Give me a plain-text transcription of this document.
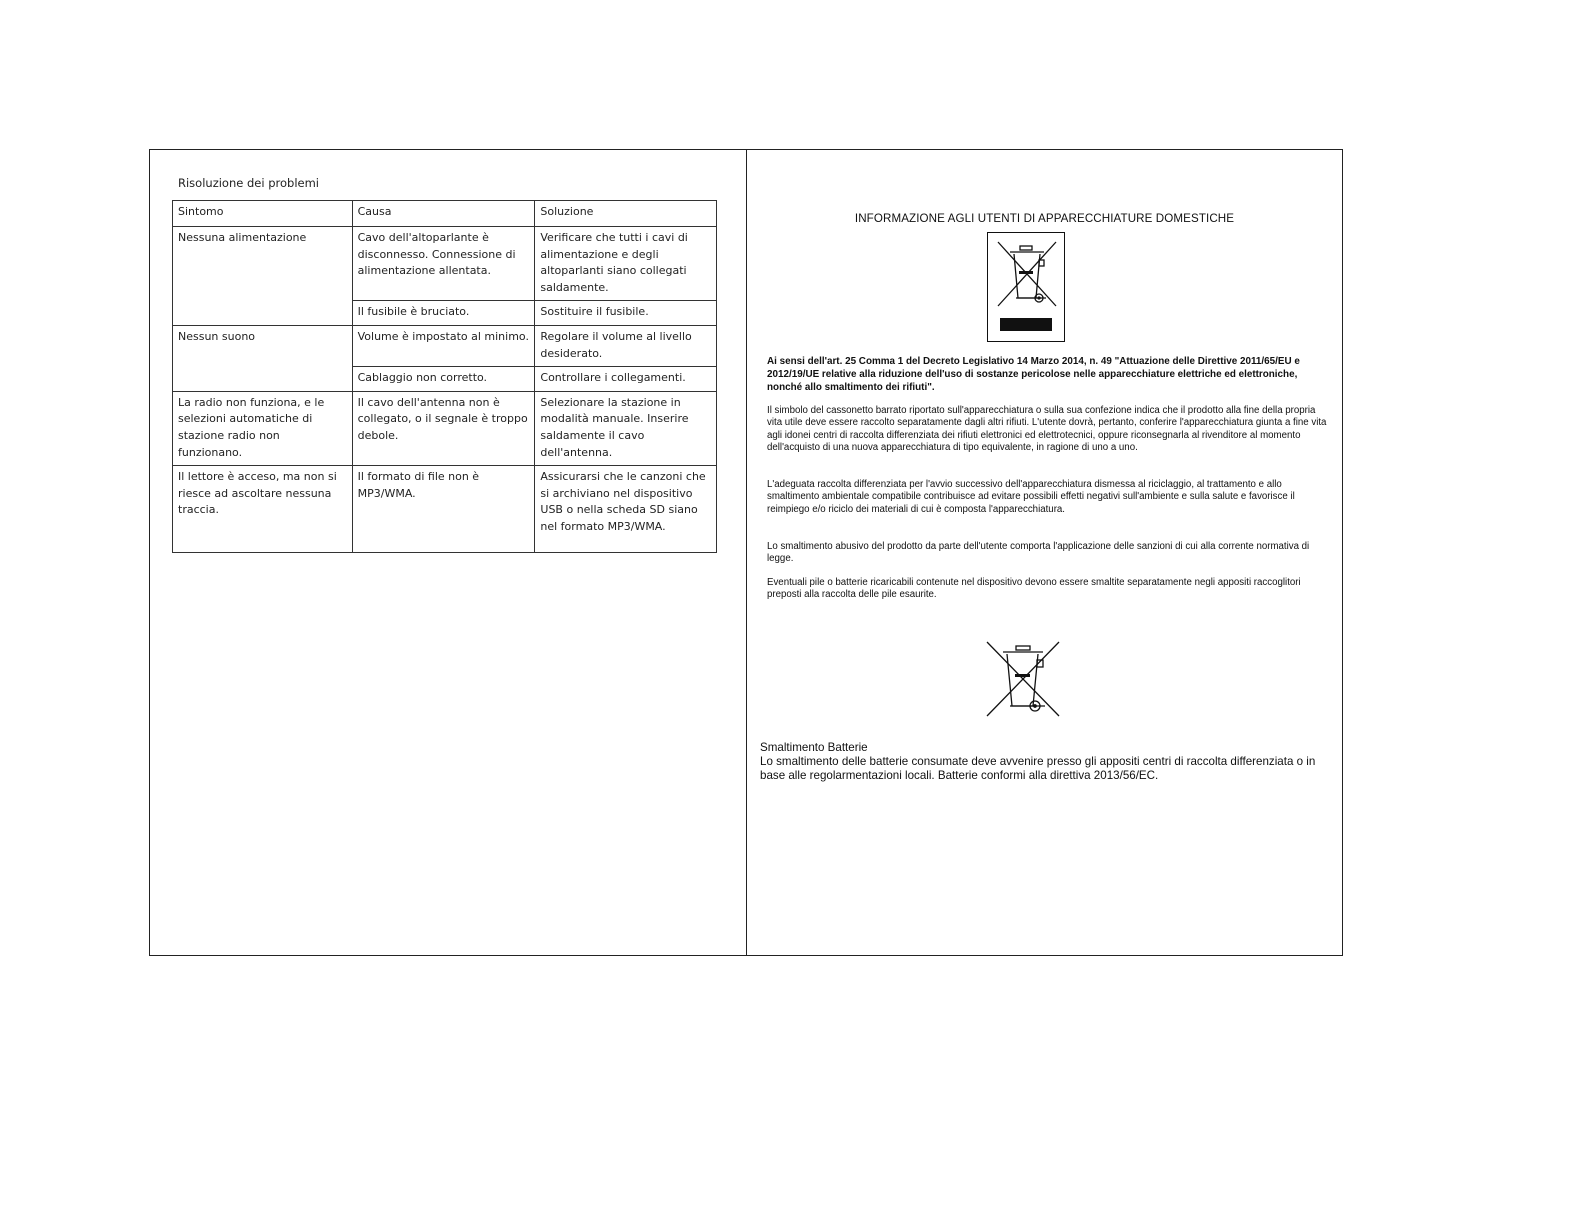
Risoluzione dei problemi
Sintomo	Causa	Soluzione
Nessuna alimentazione	Cavo dell'altoparlante è disconnesso. Connessione di alimentazione allentata.	Verificare che tutti i cavi di alimentazione e degli altoparlanti siano collegati saldamente.
	Il fusibile è bruciato.	Sostituire il fusibile.
Nessun suono	Volume è impostato al minimo.	Regolare il volume al livello desiderato.
	Cablaggio non corretto.	Controllare i collegamenti.
La radio non funziona, e le selezioni automatiche di stazione radio non funzionano.	Il cavo dell'antenna non è collegato, o il segnale è troppo debole.	Selezionare la stazione in modalità manuale. Inserire saldamente il cavo dell'antenna.
Il lettore è acceso, ma non si riesce ad ascoltare nessuna traccia.	Il formato di file non è MP3/WMA.	Assicurarsi che le canzoni che si archiviano nel dispositivo USB o nella scheda SD siano nel formato MP3/WMA.
INFORMAZIONE AGLI UTENTI DI APPARECCHIATURE DOMESTICHE
Ai sensi dell'art. 25 Comma 1 del Decreto Legislativo 14 Marzo 2014, n. 49 "Attuazione delle Direttive 2011/65/EU e 2012/19/UE relative alla riduzione dell'uso di sostanze pericolose nelle apparecchiature elettriche ed elettroniche, nonché allo smaltimento dei rifiuti".
Il simbolo del cassonetto barrato riportato sull'apparecchiatura o sulla sua confezione indica che il prodotto alla fine della propria vita utile deve essere raccolto separatamente dagli altri rifiuti. L'utente dovrà, pertanto, conferire l'apparecchiatura giunta a fine vita agli idonei centri di raccolta differenziata dei rifiuti elettronici ed elettrotecnici, oppure riconsegnarla al rivenditore al momento dell'acquisto di una nuova apparecchiatura di tipo equivalente, in ragione di uno a uno.
L'adeguata raccolta differenziata per l'avvio successivo dell'apparecchiatura dismessa al riciclaggio, al trattamento e allo smaltimento ambientale compatibile contribuisce ad evitare possibili effetti negativi sull'ambiente e sulla salute e favorisce il reimpiego e/o riciclo dei materiali di cui è composta l'apparecchiatura.
Lo smaltimento abusivo del prodotto da parte dell'utente comporta l'applicazione delle sanzioni di cui alla corrente normativa di legge.
Eventuali pile o batterie ricaricabili contenute nel dispositivo devono essere smaltite separatamente negli appositi raccoglitori preposti alla raccolta delle pile esaurite.
Smaltimento Batterie
Lo smaltimento delle batterie consumate deve avvenire presso gli appositi centri di raccolta differenziata o in base alle regolarmentazioni locali. Batterie conformi alla direttiva 2013/56/EC.
